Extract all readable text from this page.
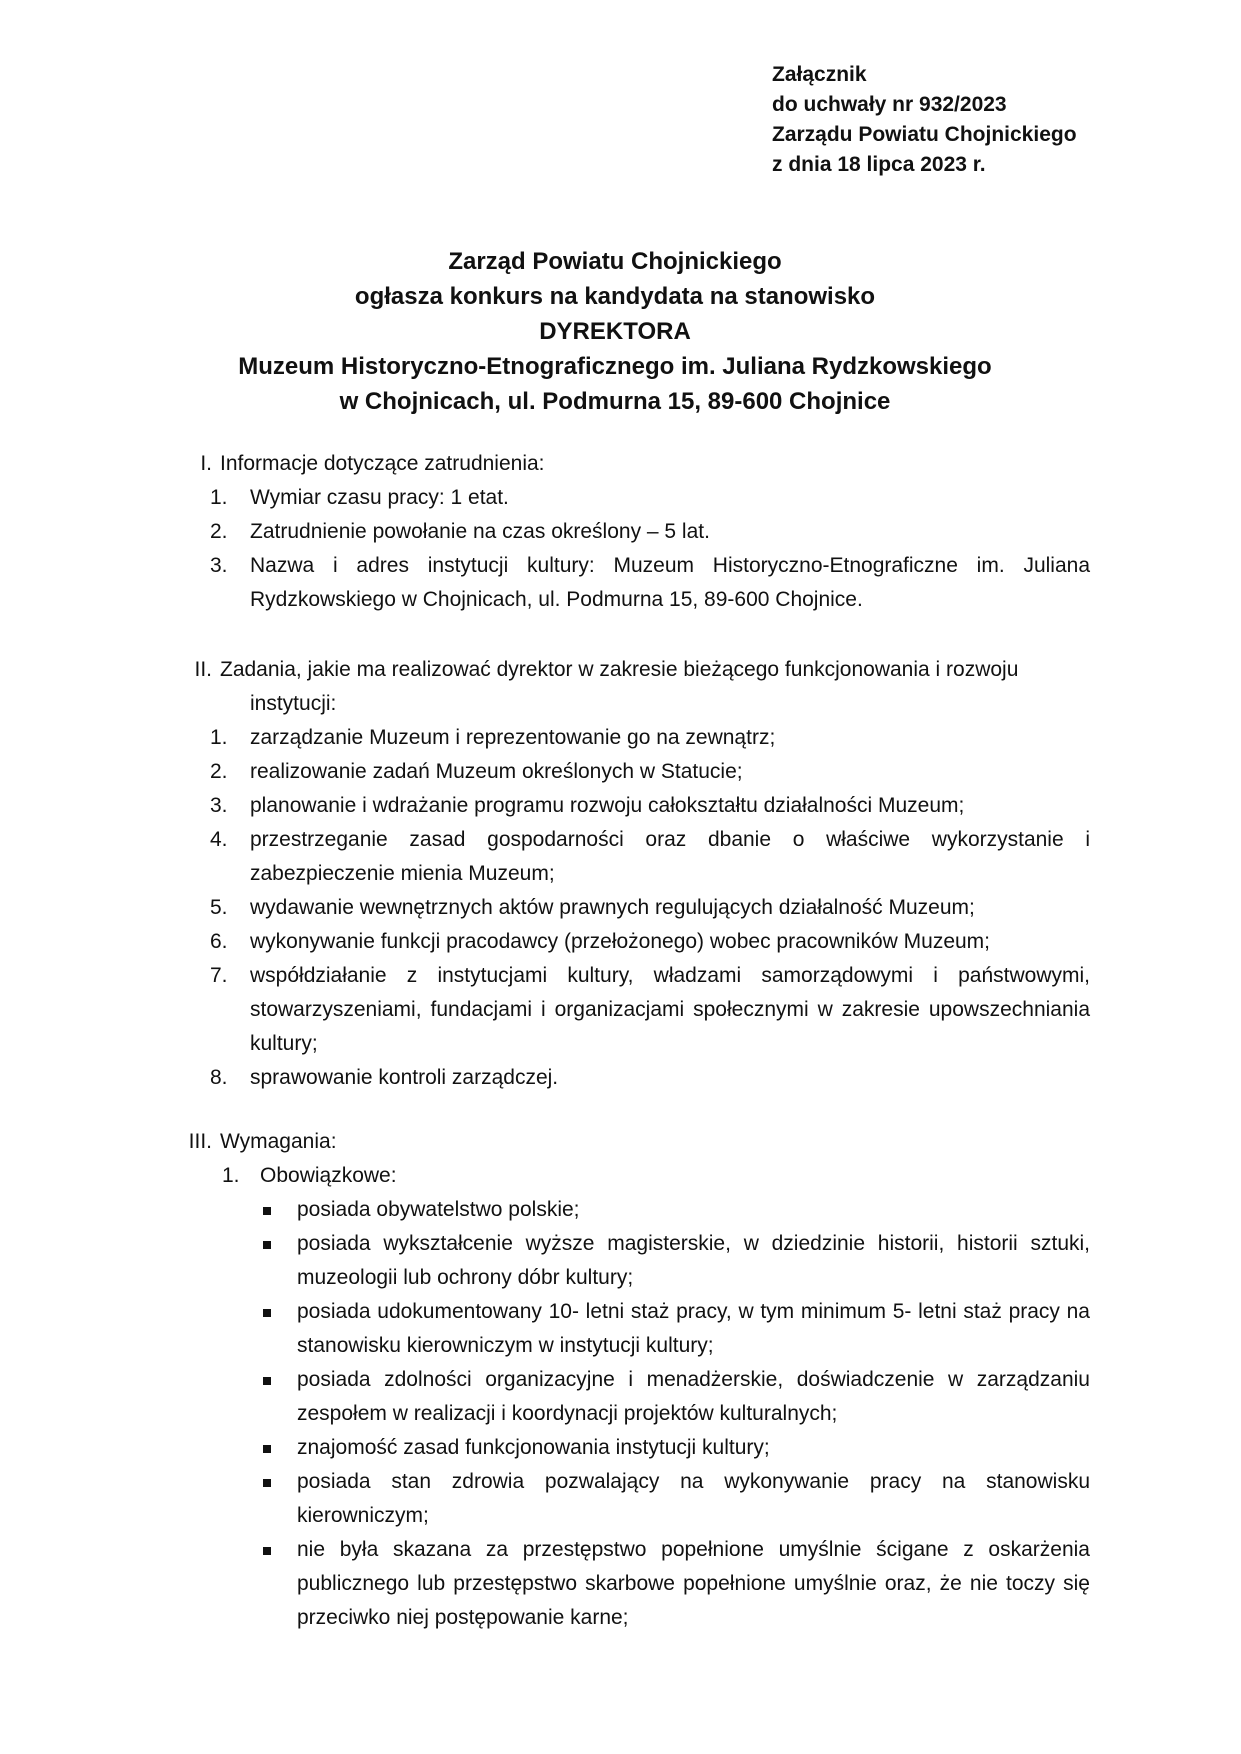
Załącznik
do uchwały nr 932/2023
Zarządu Powiatu Chojnickiego
z dnia 18 lipca 2023 r.
Zarząd Powiatu Chojnickiego
ogłasza konkurs na kandydata na stanowisko
DYREKTORA
Muzeum Historyczno-Etnograficznego im. Juliana Rydzkowskiego
w Chojnicach, ul. Podmurna 15, 89-600 Chojnice
I. Informacje dotyczące zatrudnienia:
1. Wymiar czasu pracy: 1 etat.
2. Zatrudnienie powołanie na czas określony – 5 lat.
3. Nazwa i adres instytucji kultury: Muzeum Historyczno-Etnograficzne im. Juliana Rydzkowskiego w Chojnicach, ul. Podmurna 15, 89-600 Chojnice.
II. Zadania, jakie ma realizować dyrektor w zakresie bieżącego funkcjonowania i rozwoju
instytucji:
1. zarządzanie Muzeum i reprezentowanie go na zewnątrz;
2. realizowanie zadań Muzeum określonych w Statucie;
3. planowanie i wdrażanie programu rozwoju całokształtu działalności Muzeum;
4. przestrzeganie zasad gospodarności oraz dbanie o właściwe wykorzystanie i zabezpieczenie mienia Muzeum;
5. wydawanie wewnętrznych aktów prawnych regulujących działalność Muzeum;
6. wykonywanie funkcji pracodawcy (przełożonego) wobec pracowników Muzeum;
7. współdziałanie z instytucjami kultury, władzami samorządowymi i państwowymi, stowarzyszeniami, fundacjami i organizacjami społecznymi w zakresie upowszechniania kultury;
8. sprawowanie kontroli zarządczej.
III. Wymagania:
1. Obowiązkowe:
posiada obywatelstwo polskie;
posiada wykształcenie wyższe magisterskie, w dziedzinie historii, historii sztuki, muzeologii lub ochrony dóbr kultury;
posiada udokumentowany 10- letni staż pracy, w tym minimum 5- letni staż pracy na stanowisku kierowniczym w instytucji kultury;
posiada zdolności organizacyjne i menadżerskie, doświadczenie w zarządzaniu zespołem w realizacji i koordynacji projektów kulturalnych;
znajomość zasad funkcjonowania instytucji kultury;
posiada stan zdrowia pozwalający na wykonywanie pracy na stanowisku kierowniczym;
nie była skazana za przestępstwo popełnione umyślnie ścigane z oskarżenia publicznego lub przestępstwo skarbowe popełnione umyślnie oraz, że nie toczy się przeciwko niej postępowanie karne;
